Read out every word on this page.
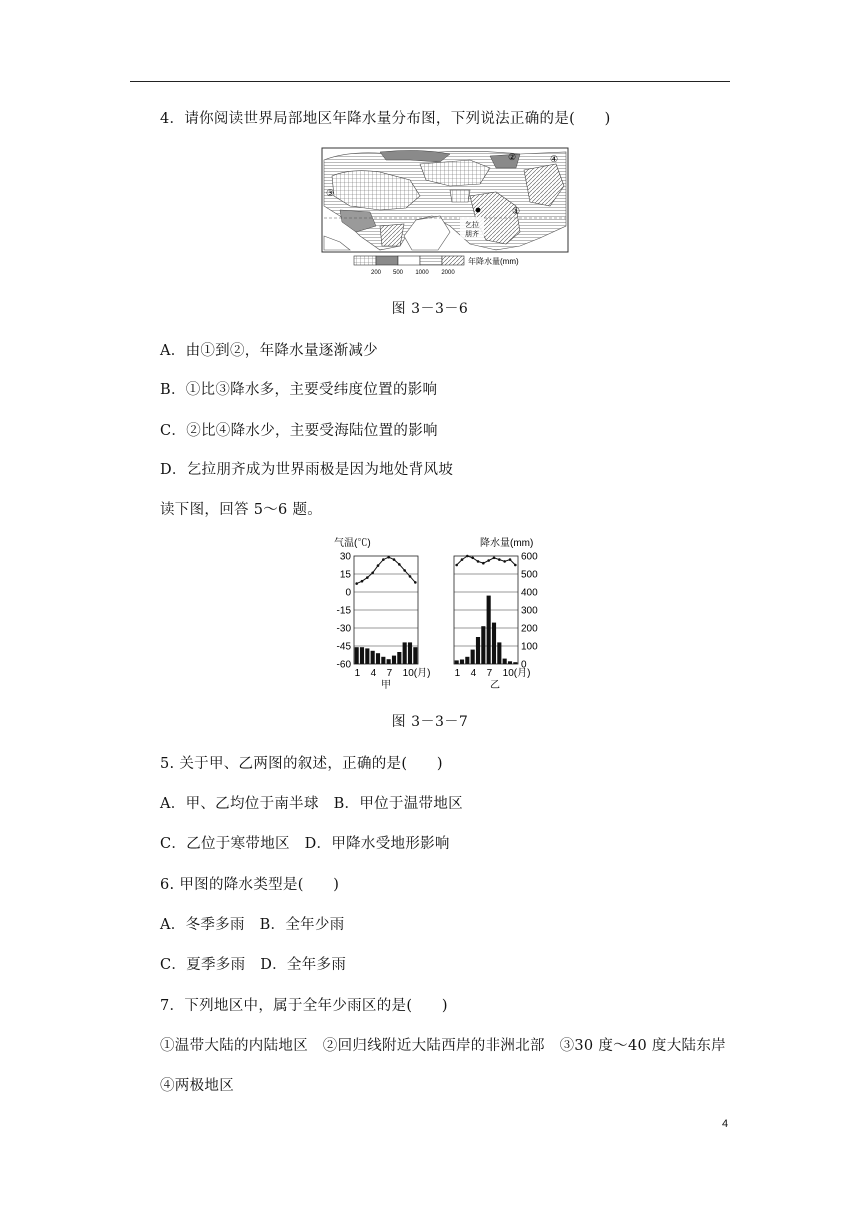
4．请你阅读世界局部地区年降水量分布图，下列说法正确的是(　　)
乞拉
朋齐
①
②
③
④
200 500 1000 2000
年降水量(mm)
图 3－3－6
A．由①到②，年降水量逐渐减少
B．①比③降水多，主要受纬度位置的影响
C．②比④降水少，主要受海陆位置的影响
D．乞拉朋齐成为世界雨极是因为地处背风坡
读下图，回答 5～6 题。
气温(℃)
30
15
0
-15
-30
-45
-60
1 4 7 10(月)
甲
降水量(mm)
600
500
400
300
200
100
0
1 4 7 10(月)
乙
图 3－3－7
5. 关于甲、乙两图的叙述，正确的是(　　)
A．甲、乙均位于南半球　B．甲位于温带地区
C．乙位于寒带地区　D．甲降水受地形影响
6. 甲图的降水类型是(　　)
A．冬季多雨　B．全年少雨
C．夏季多雨　D．全年多雨
7．下列地区中，属于全年少雨区的是(　　)
①温带大陆的内陆地区　②回归线附近大陆西岸的非洲北部　③30 度～40 度大陆东岸
④两极地区
4
